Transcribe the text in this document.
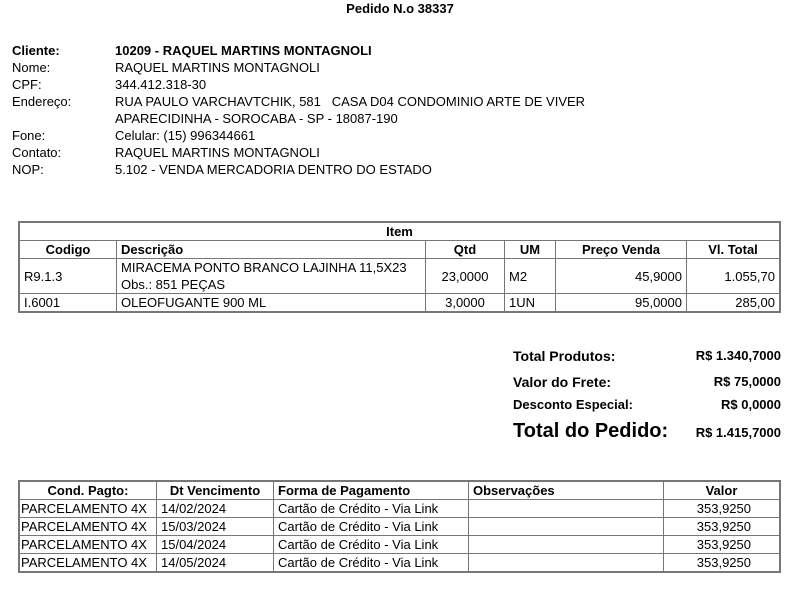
Pedido N.o 38337
Cliente:	10209 - RAQUEL MARTINS MONTAGNOLI
Nome:	RAQUEL MARTINS MONTAGNOLI
CPF:	344.412.318-30
Endereço:	RUA PAULO VARCHAVTCHIK, 581   CASA D04 CONDOMINIO ARTE DE VIVER
APARECIDINHA - SOROCABA - SP - 18087-190
Fone:	Celular: (15) 996344661
Contato:	RAQUEL MARTINS MONTAGNOLI
NOP:	5.102 - VENDA MERCADORIA DENTRO DO ESTADO
Item					
Codigo	Descrição	Qtd	UM	Preço Venda	Vl. Total
R9.1.3	MIRACEMA PONTO BRANCO LAJINHA 11,5X23
Obs.: 851 PEÇAS	23,0000	M2	45,9000	1.055,70
I.6001	OLEOFUGANTE 900 ML	3,0000	1UN	95,0000	285,00
Total Produtos:	R$ 1.340,7000
Valor do Frete:	R$ 75,0000
Desconto Especial:	R$ 0,0000
Total do Pedido: R$ 1.415,7000
Cond. Pagto:	Dt Vencimento	Forma de Pagamento	Observações	Valor
PARCELAMENTO 4X	14/02/2024	Cartão de Crédito - Via Link		353,9250
PARCELAMENTO 4X	15/03/2024	Cartão de Crédito - Via Link		353,9250
PARCELAMENTO 4X	15/04/2024	Cartão de Crédito - Via Link		353,9250
PARCELAMENTO 4X	14/05/2024	Cartão de Crédito - Via Link		353,9250
